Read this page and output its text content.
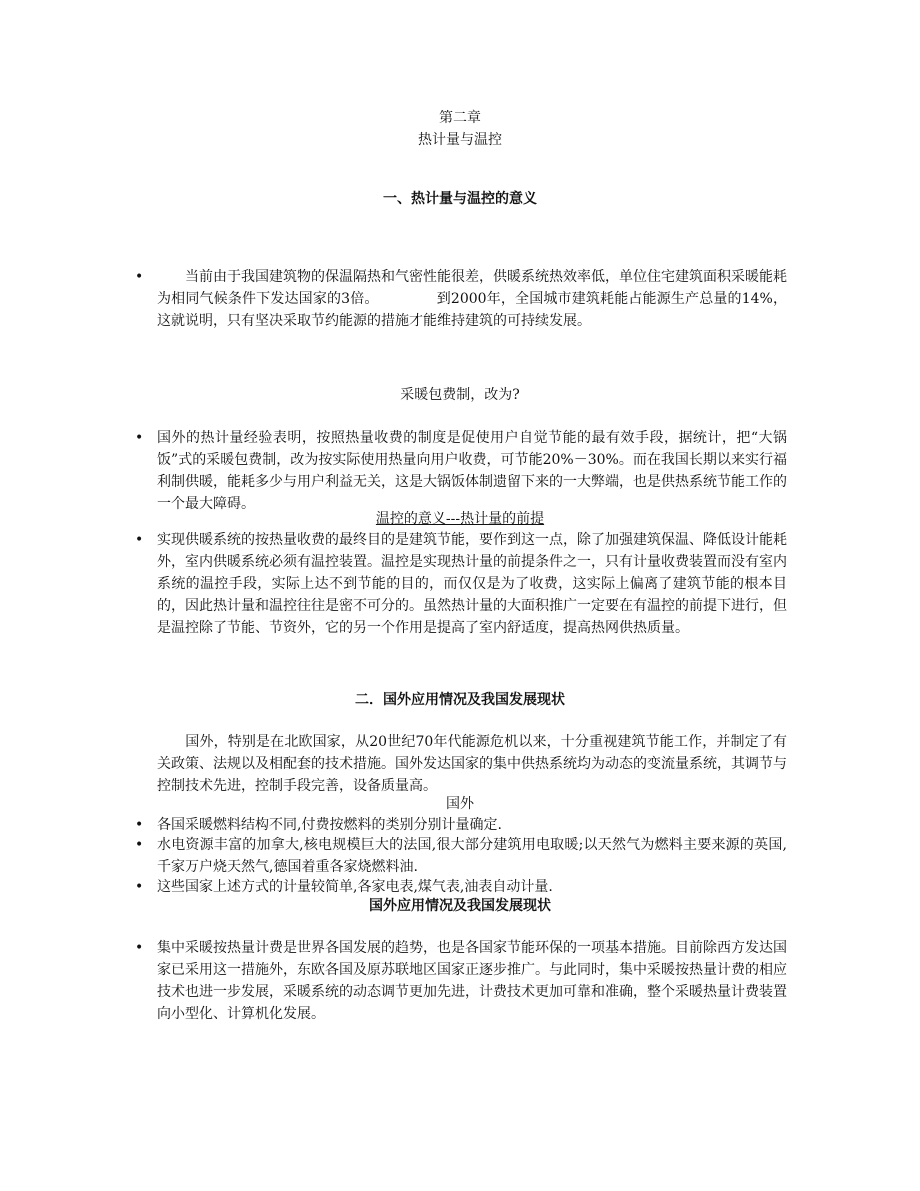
第二章
热计量与温控
一、热计量与温控的意义
• 　　当前由于我国建筑物的保温隔热和气密性能很差，供暖系统热效率低，单位住宅建筑面积采暖能耗为相同气候条件下发达国家的3倍。	到2000年，全国城市建筑耗能占能源生产总量的14%，这就说明，只有坚决采取节约能源的措施才能维持建筑的可持续发展。
采暖包费制，改为?
• 国外的热计量经验表明，按照热量收费的制度是促使用户自觉节能的最有效手段，据统计，把“大锅饭”式的采暖包费制，改为按实际使用热量向用户收费，可节能20%－30%。而在我国长期以来实行福利制供暖，能耗多少与用户利益无关，这是大锅饭体制遗留下来的一大弊端，也是供热系统节能工作的一个最大障碍。
温控的意义---热计量的前提
• 实现供暖系统的按热量收费的最终目的是建筑节能，要作到这一点，除了加强建筑保温、降低设计能耗外，室内供暖系统必须有温控装置。温控是实现热计量的前提条件之一，只有计量收费装置而没有室内系统的温控手段，实际上达不到节能的目的，而仅仅是为了收费，这实际上偏离了建筑节能的根本目的，因此热计量和温控往往是密不可分的。虽然热计量的大面积推广一定要在有温控的前提下进行，但是温控除了节能、节资外，它的另一个作用是提高了室内舒适度，提高热网供热质量。
二．国外应用情况及我国发展现状
　　国外，特别是在北欧国家，从20世纪70年代能源危机以来，十分重视建筑节能工作，并制定了有关政策、法规以及相配套的技术措施。国外发达国家的集中供热系统均为动态的变流量系统，其调节与控制技术先进，控制手段完善，设备质量高。
国外
• 各国采暖燃料结构不同,付费按燃料的类别分别计量确定.
• 水电资源丰富的加拿大,核电规模巨大的法国,很大部分建筑用电取暖;以天然气为燃料主要来源的英国,千家万户烧天然气,德国着重各家烧燃料油.
• 这些国家上述方式的计量较简单,各家电表,煤气表,油表自动计量.
国外应用情况及我国发展现状
• 集中采暖按热量计费是世界各国发展的趋势，也是各国家节能环保的一项基本措施。目前除西方发达国家已采用这一措施外，东欧各国及原苏联地区国家正逐步推广。与此同时，集中采暖按热量计费的相应技术也进一步发展，采暖系统的动态调节更加先进，计费技术更加可靠和准确，整个采暖热量计费装置向小型化、计算机化发展。
